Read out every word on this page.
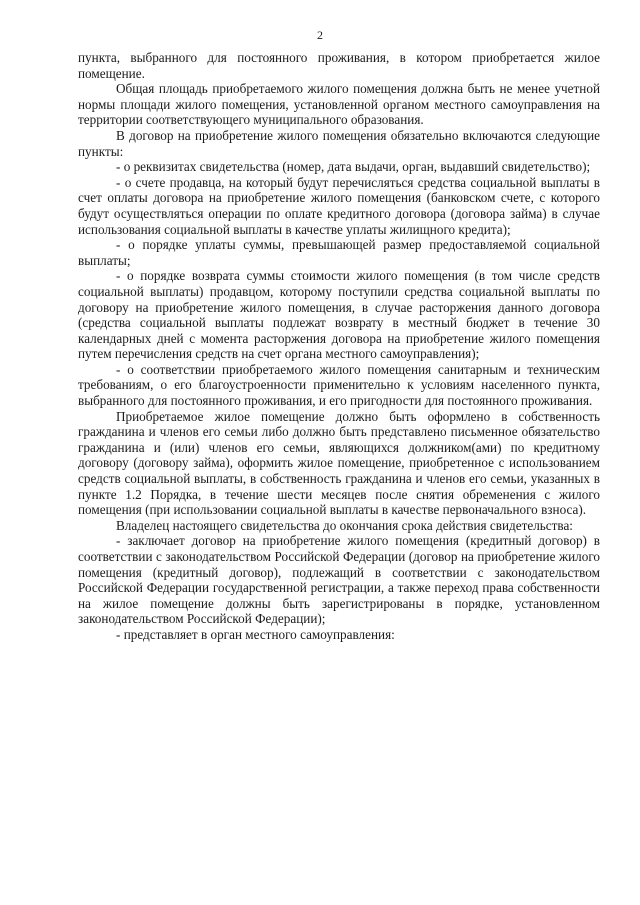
2

пункта, выбранного для постоянного проживания, в котором приобретается жилое помещение.

Общая площадь приобретаемого жилого помещения должна быть не менее учетной нормы площади жилого помещения, установленной органом местного самоуправления на территории соответствующего муниципального образования.

В договор на приобретение жилого помещения обязательно включаются следующие пункты:

- о реквизитах свидетельства (номер, дата выдачи, орган, выдавший свидетельство);

- о счете продавца, на который будут перечисляться средства социальной выплаты в счет оплаты договора на приобретение жилого помещения (банковском счете, с которого будут осуществляться операции по оплате кредитного договора (договора займа) в случае использования социальной выплаты в качестве уплаты жилищного кредита);

- о порядке уплаты суммы, превышающей размер предоставляемой социальной выплаты;

- о порядке возврата суммы стоимости жилого помещения (в том числе средств социальной выплаты) продавцом, которому поступили средства социальной выплаты по договору на приобретение жилого помещения, в случае расторжения данного договора (средства социальной выплаты подлежат возврату в местный бюджет в течение 30 календарных дней с момента расторжения договора на приобретение жилого помещения путем перечисления средств на счет органа местного самоуправления);

- о соответствии приобретаемого жилого помещения санитарным и техническим требованиям, о его благоустроенности применительно к условиям населенного пункта, выбранного для постоянного проживания, и его пригодности для постоянного проживания.

Приобретаемое жилое помещение должно быть оформлено в собственность гражданина и членов его семьи либо должно быть представлено письменное обязательство гражданина и (или) членов его семьи, являющихся должником(ами) по кредитному договору (договору займа), оформить жилое помещение, приобретенное с использованием средств социальной выплаты, в собственность гражданина и членов его семьи, указанных в пункте 1.2 Порядка, в течение шести месяцев после снятия обременения с жилого помещения (при использовании социальной выплаты в качестве первоначального взноса).

Владелец настоящего свидетельства до окончания срока действия свидетельства:

- заключает договор на приобретение жилого помещения (кредитный договор) в соответствии с законодательством Российской Федерации (договор на приобретение жилого помещения (кредитный договор), подлежащий в соответствии с законодательством Российской Федерации государственной регистрации, а также переход права собственности на жилое помещение должны быть зарегистрированы в порядке, установленном законодательством Российской Федерации);

- представляет в орган местного самоуправления:
